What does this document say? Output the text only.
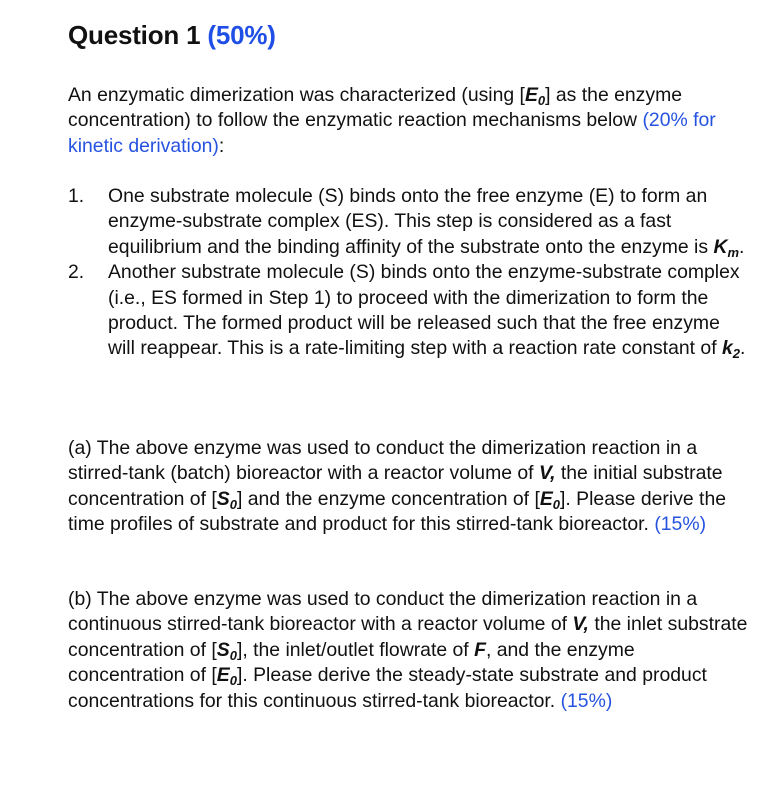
Question 1 (50%)

An enzymatic dimerization was characterized (using $[E_0]$ as the enzyme concentration) to follow the enzymatic reaction mechanisms below (20% for kinetic derivation):

1. One substrate molecule (S) binds onto the free enzyme (E) to form an enzyme-substrate complex (ES). This step is considered as a fast equilibrium and the binding affinity of the substrate onto the enzyme is $K_m$.
2. Another substrate molecule (S) binds onto the enzyme-substrate complex (i.e., ES formed in Step 1) to proceed with the dimerization to form the product. The formed product will be released such that the free enzyme will reappear. This is a rate-limiting step with a reaction rate constant of $k_2$.

(a) The above enzyme was used to conduct the dimerization reaction in a stirred-tank (batch) bioreactor with a reactor volume of V, the initial substrate concentration of $[S_0]$ and the enzyme concentration of $[E_0]$. Please derive the time profiles of substrate and product for this stirred-tank bioreactor. (15%)

(b) The above enzyme was used to conduct the dimerization reaction in a continuous stirred-tank bioreactor with a reactor volume of V, the inlet substrate concentration of $[S_0]$, the inlet/outlet flowrate of F, and the enzyme concentration of $[E_0]$. Please derive the steady-state substrate and product concentrations for this continuous stirred-tank bioreactor. (15%)
